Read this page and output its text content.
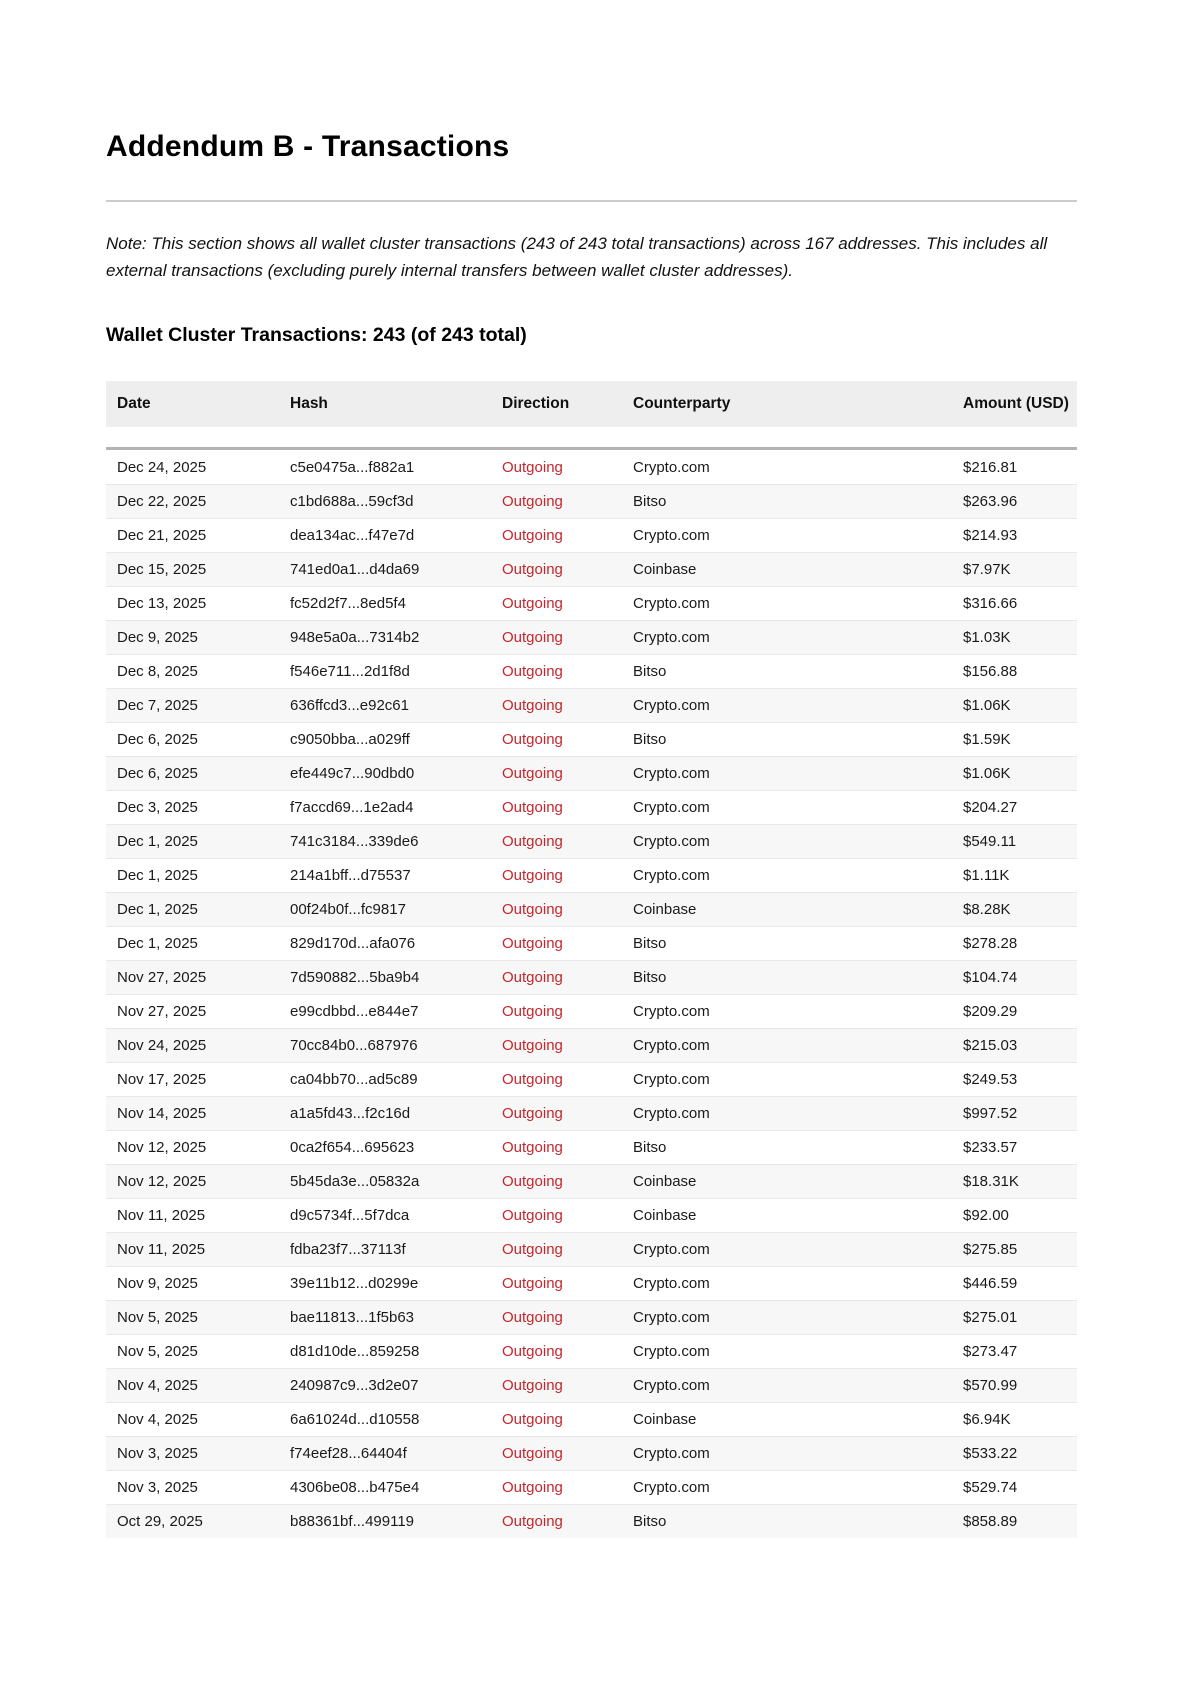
Addendum B - Transactions

Note: This section shows all wallet cluster transactions (243 of 243 total transactions) across 167 addresses. This includes all external transactions (excluding purely internal transfers between wallet cluster addresses).

Wallet Cluster Transactions: 243 (of 243 total)
Date	Hash	Direction	Counterparty	Amount (USD)
Dec 24, 2025	c5e0475a...f882a1	Outgoing	Crypto.com	$216.81
Dec 22, 2025	c1bd688a...59cf3d	Outgoing	Bitso	$263.96
Dec 21, 2025	dea134ac...f47e7d	Outgoing	Crypto.com	$214.93
Dec 15, 2025	741ed0a1...d4da69	Outgoing	Coinbase	$7.97K
Dec 13, 2025	fc52d2f7...8ed5f4	Outgoing	Crypto.com	$316.66
Dec 9, 2025	948e5a0a...7314b2	Outgoing	Crypto.com	$1.03K
Dec 8, 2025	f546e711...2d1f8d	Outgoing	Bitso	$156.88
Dec 7, 2025	636ffcd3...e92c61	Outgoing	Crypto.com	$1.06K
Dec 6, 2025	c9050bba...a029ff	Outgoing	Bitso	$1.59K
Dec 6, 2025	efe449c7...90dbd0	Outgoing	Crypto.com	$1.06K
Dec 3, 2025	f7accd69...1e2ad4	Outgoing	Crypto.com	$204.27
Dec 1, 2025	741c3184...339de6	Outgoing	Crypto.com	$549.11
Dec 1, 2025	214a1bff...d75537	Outgoing	Crypto.com	$1.11K
Dec 1, 2025	00f24b0f...fc9817	Outgoing	Coinbase	$8.28K
Dec 1, 2025	829d170d...afa076	Outgoing	Bitso	$278.28
Nov 27, 2025	7d590882...5ba9b4	Outgoing	Bitso	$104.74
Nov 27, 2025	e99cdbbd...e844e7	Outgoing	Crypto.com	$209.29
Nov 24, 2025	70cc84b0...687976	Outgoing	Crypto.com	$215.03
Nov 17, 2025	ca04bb70...ad5c89	Outgoing	Crypto.com	$249.53
Nov 14, 2025	a1a5fd43...f2c16d	Outgoing	Crypto.com	$997.52
Nov 12, 2025	0ca2f654...695623	Outgoing	Bitso	$233.57
Nov 12, 2025	5b45da3e...05832a	Outgoing	Coinbase	$18.31K
Nov 11, 2025	d9c5734f...5f7dca	Outgoing	Coinbase	$92.00
Nov 11, 2025	fdba23f7...37113f	Outgoing	Crypto.com	$275.85
Nov 9, 2025	39e11b12...d0299e	Outgoing	Crypto.com	$446.59
Nov 5, 2025	bae11813...1f5b63	Outgoing	Crypto.com	$275.01
Nov 5, 2025	d81d10de...859258	Outgoing	Crypto.com	$273.47
Nov 4, 2025	240987c9...3d2e07	Outgoing	Crypto.com	$570.99
Nov 4, 2025	6a61024d...d10558	Outgoing	Coinbase	$6.94K
Nov 3, 2025	f74eef28...64404f	Outgoing	Crypto.com	$533.22
Nov 3, 2025	4306be08...b475e4	Outgoing	Crypto.com	$529.74
Oct 29, 2025	b88361bf...499119	Outgoing	Bitso	$858.89
